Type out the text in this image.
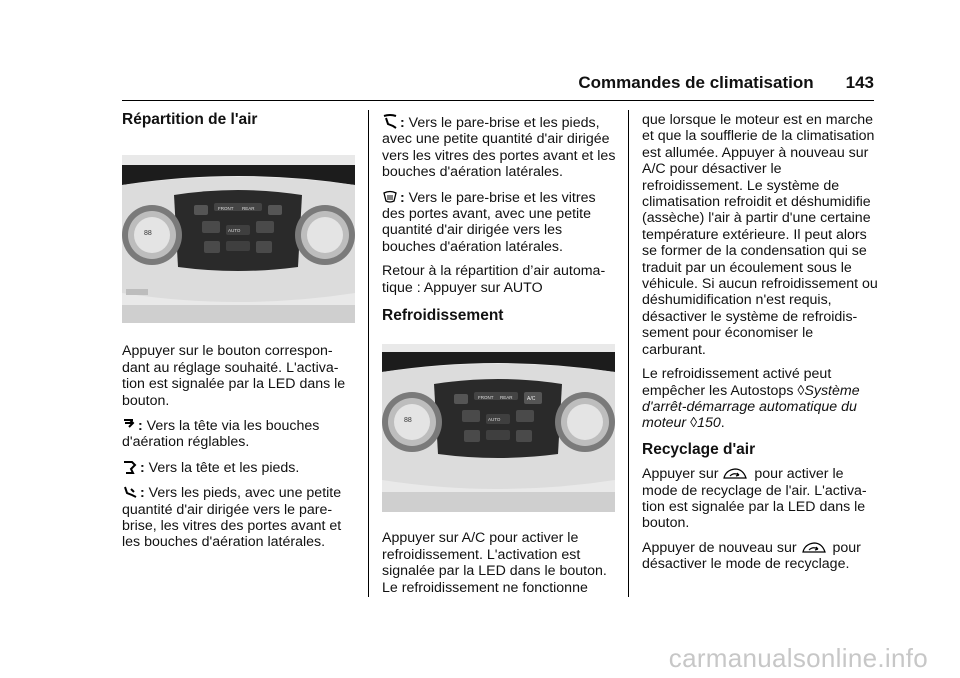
Commandes de climatisation 143
Répartition de l'air
88
FRONT REAR
AUTO

Appuyer sur le bouton correspon-dant au réglage souhaité. L'activa-tion est signalée par la LED dans le bouton.

: Vers la tête via les bouches d'aération réglables.

: Vers la tête et les pieds.

: Vers les pieds, avec une petite quantité d'air dirigée vers le pare-brise, les vitres des portes avant et les bouches d'aération latérales.

: Vers le pare-brise et les pieds, avec une petite quantité d'air dirigée vers les vitres des portes avant et les bouches d'aération latérales.

: Vers le pare-brise et les vitres des portes avant, avec une petite quantité d'air dirigée vers les bouches d'aération latérales.

Retour à la répartition d’air automa-tique : Appuyer sur AUTO

Refroidissement
88
FRONT REAR	A/C
AUTO

Appuyer sur A/C pour activer le refroidissement. L'activation est signalée par la LED dans le bouton. Le refroidissement ne fonctionne

que lorsque le moteur est en marche et que la soufflerie de la climatisation est allumée. Appuyer à nouveau sur A/C pour désactiver le refroidissement. Le système de climatisation refroidit et déshumidifie (assèche) l'air à partir d'une certaine température extérieure. Il peut alors se former de la condensation qui se traduit par un écoulement sous le véhicule. Si aucun refroidissement ou déshumidification n'est requis, désactiver le système de refroidis-sement pour économiser le carburant.

Le refroidissement activé peut empêcher les Autostops ◊Système d'arrêt-démarrage automatique du moteur ◊150.

Recyclage d'air

Appuyer sur	pour activer le mode de recyclage de l'air. L'activa-tion est signalée par la LED dans le bouton.

Appuyer de nouveau sur	pour désactiver le mode de recyclage.

carmanualsonline.info
